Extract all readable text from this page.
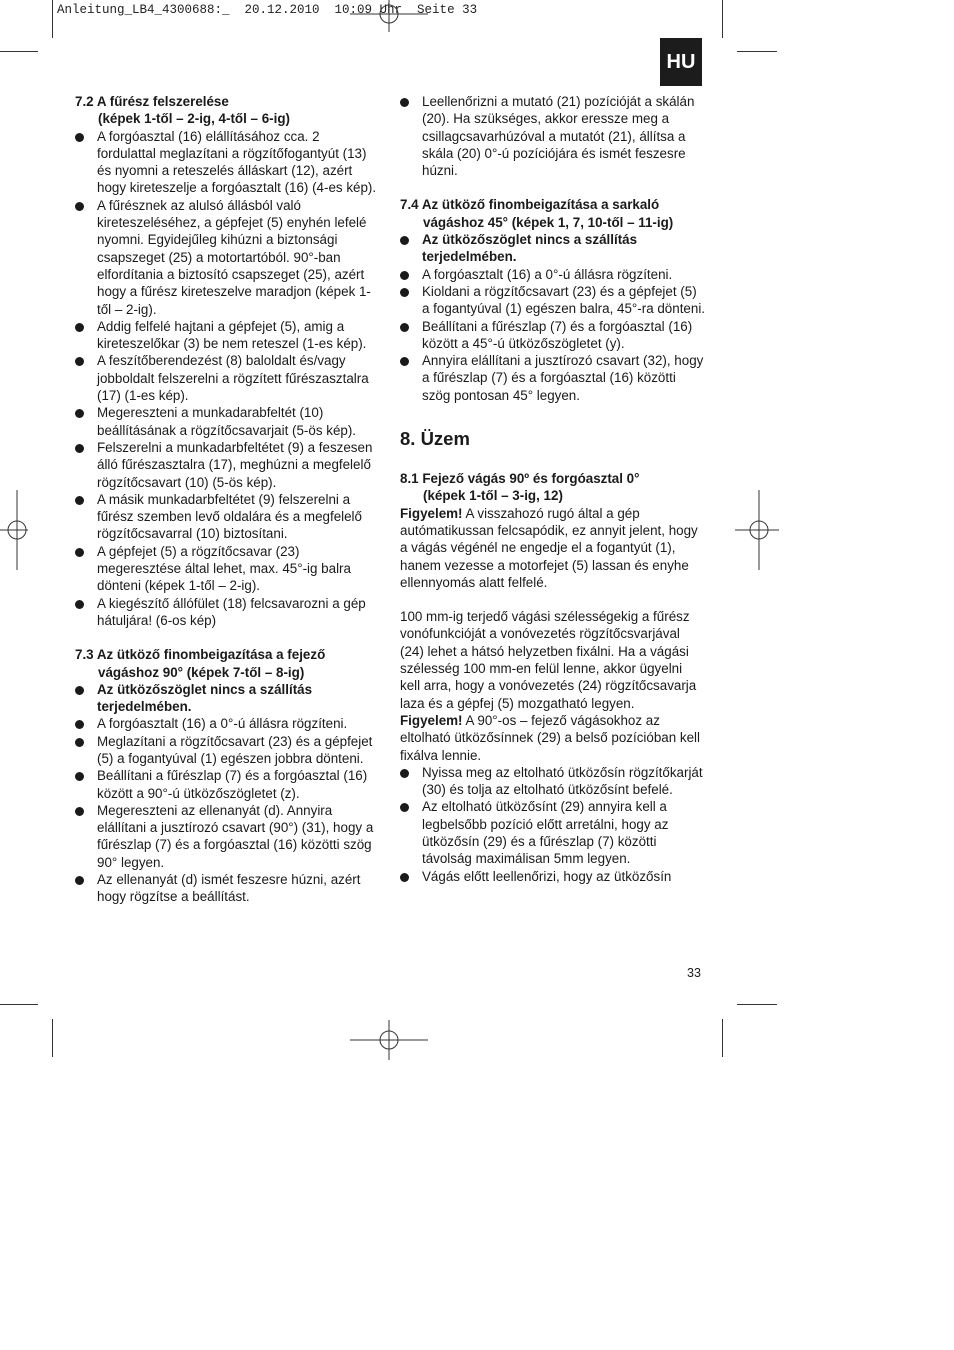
Anleitung_LB4_4300688:_  20.12.2010  10:09 Uhr  Seite 33
HU
7.2 A fűrész felszerelése
(képek 1-től – 2-ig, 4-től – 6-ig)
A forgóasztal (16) elállításához cca. 2 fordulattal meglazítani a rögzítőfogantyút (13) és nyomni a reteszelés álláskart (12), azért hogy kireteszelje a forgóasztalt (16) (4-es kép).
A fűrésznek az alulsó állásból való kireteszeléséhez, a gépfejet (5) enyhén lefelé nyomni. Egyidejűleg kihúzni a biztonsági csapszeget (25) a motortartóból. 90°-ban elfordítania a biztosító csapszeget (25), azért hogy a fűrész kireteszelve maradjon (képek 1-től – 2-ig).
Addig felfelé hajtani a gépfejet (5), amig a kireteszelőkar (3) be nem reteszel (1-es kép).
A feszítőberendezést (8) baloldalt és/vagy jobboldalt felszerelni a rögzített fűrészasztalra (17) (1-es kép).
Megereszteni a munkadarabfeltét (10) beállításának a rögzítőcsavarjait (5-ös kép).
Felszerelni a munkadarbfeltétet (9) a feszesen álló fűrészasztalra (17), meghúzni a megfelelő rögzítőcsavart (10) (5-ös kép).
A másik munkadarbfeltétet (9) felszerelni a fűrész szemben levő oldalára és a megfelelő rögzítőcsavarral (10) biztosítani.
A gépfejet (5) a rögzítőcsavar (23) megeresztése által lehet, max. 45°-ig balra dönteni (képek 1-től – 2-ig).
A kiegészítő állófület (18) felcsavarozni a gép hátuljára! (6-os kép)
7.3 Az ütköző finombeigazítása a fejező
vágáshoz 90° (képek 7-től – 8-ig)
Az ütközőszöglet nincs a szállítás terjedelmében.
A forgóasztalt (16) a 0°-ú állásra rögzíteni.
Meglazítani a rögzítőcsavart (23) és a gépfejet (5) a fogantyúval (1) egészen jobbra dönteni.
Beállítani a fűrészlap (7) és a forgóasztal (16) között a 90°-ú ütközőszögletet (z).
Megereszteni az ellenanyát (d). Annyira elállítani a jusztírozó csavart (90°) (31), hogy a fűrészlap (7) és a forgóasztal (16) közötti szög 90° legyen.
Az ellenanyát (d) ismét feszesre húzni, azért hogy rögzítse a beállítást.
Leellenőrizni a mutató (21) pozícióját a skálán (20). Ha szükséges, akkor eressze meg a csillagcsavarhúzóval a mutatót (21), állítsa a skála (20) 0°-ú pozíciójára és ismét feszesre húzni.
7.4 Az ütköző finombeigazítása a sarkaló
vágáshoz 45° (képek 1, 7, 10-től – 11-ig)
Az ütközőszöglet nincs a szállítás terjedelmében.
A forgóasztalt (16) a 0°-ú állásra rögzíteni.
Kioldani a rögzítőcsavart (23) és a gépfejet (5) a fogantyúval (1) egészen balra, 45°-ra dönteni.
Beállítani a fűrészlap (7) és a forgóasztal (16) között a 45°-ú ütközőszögletet (y).
Annyira elállítani a jusztírozó csavart (32), hogy a fűrészlap (7) és a forgóasztal (16) közötti szög pontosan 45° legyen.
8. Üzem
8.1 Fejező vágás 90º és forgóasztal 0°
(képek 1-től – 3-ig, 12)
Figyelem! A visszahozó rugó által a gép autómatikussan felcsapódik, ez annyit jelent, hogy a vágás végénél ne engedje el a fogantyút (1), hanem vezesse a motorfejet (5) lassan és enyhe ellennyomás alatt felfelé.
100 mm-ig terjedő vágási szélességekig a fűrész vonófunkcióját a vonóvezetés rögzítőcsvarjával (24) lehet a hátsó helyzetben fixálni. Ha a vágási szélesség 100 mm-en felül lenne, akkor ügyelni kell arra, hogy a vonóvezetés (24) rögzítőcsavarja laza és a gépfej (5) mozgatható legyen.
Figyelem! A 90°-os – fejező vágásokhoz az eltolható ütközősínnek (29) a belső pozícióban kell fixálva lennie.
Nyissa meg az eltolható ütközősín rögzítőkarját (30) és tolja az eltolható ütközősínt befelé.
Az eltolható ütközősínt (29) annyira kell a legbelsőbb pozíció előtt arretálni, hogy az ütközősín (29) és a fűrészlap (7) közötti távolság maximálisan 5mm legyen.
Vágás előtt leellenőrizi, hogy az ütközősín
33
